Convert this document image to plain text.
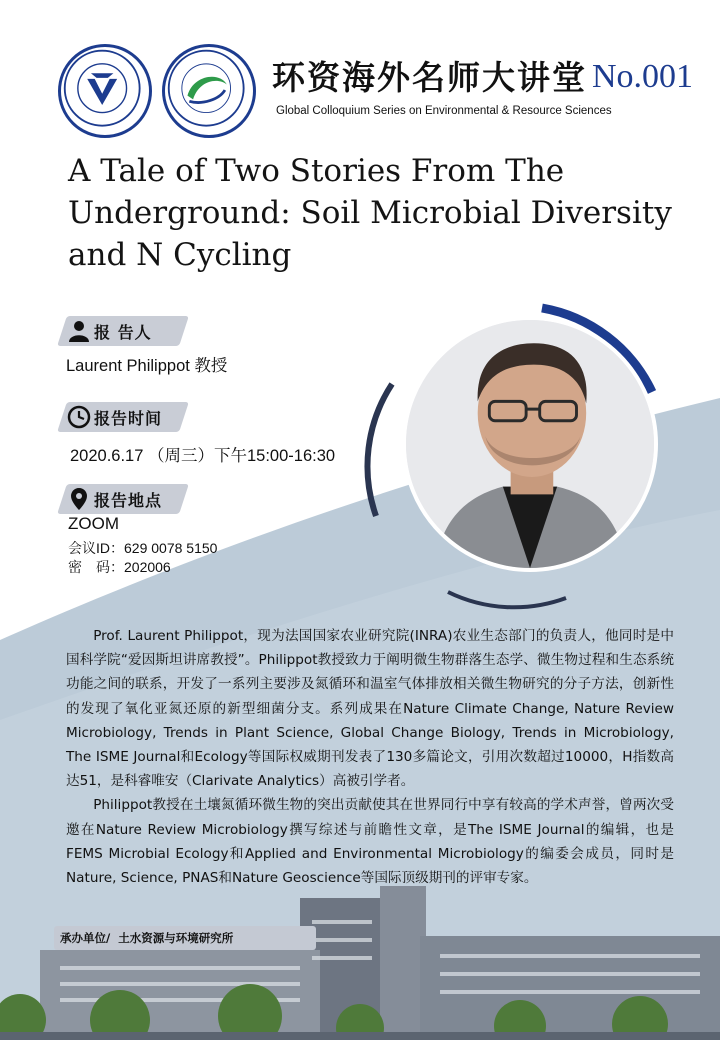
环资海外名师大讲堂
Global Colloquium Series on Environmental & Resource Sciences
No.001
A Tale of Two Stories From The
Underground: Soil Microbial Diversity
and N Cycling
报 告人
Laurent Philippot 教授
报告时间
2020.6.17 （周三）下午15:00-16:30
报告地点
ZOOM
会议ID：629 0078 5150
密　码：202006

Prof. Laurent Philippot，现为法国国家农业研究院(INRA)农业生态部门的负责人，他同时是中国科学院“爱因斯坦讲席教授”。Philippot教授致力于阐明微生物群落生态学、微生物过程和生态系统功能之间的联系，开发了一系列主要涉及氮循环和温室气体排放相关微生物研究的分子方法，创新性的发现了氧化亚氮还原的新型细菌分支。系列成果在Nature Climate Change, Nature Review Microbiology, Trends in Plant Science, Global Change Biology, Trends in Microbiology, The ISME Journal和Ecology等国际权威期刊发表了130多篇论文，引用次数超过10000，H指数高达51，是科睿唯安（Clarivate Analytics）高被引学者。

Philippot教授在土壤氮循环微生物的突出贡献使其在世界同行中享有较高的学术声誉，曾两次受邀在Nature Review Microbiology撰写综述与前瞻性文章，是The ISME Journal的编辑，也是FEMS Microbial Ecology和Applied and Environmental Microbiology的编委会成员，同时是Nature, Science, PNAS和Nature Geoscience等国际顶级期刊的评审专家。

承办单位/ 土水资源与环境研究所
